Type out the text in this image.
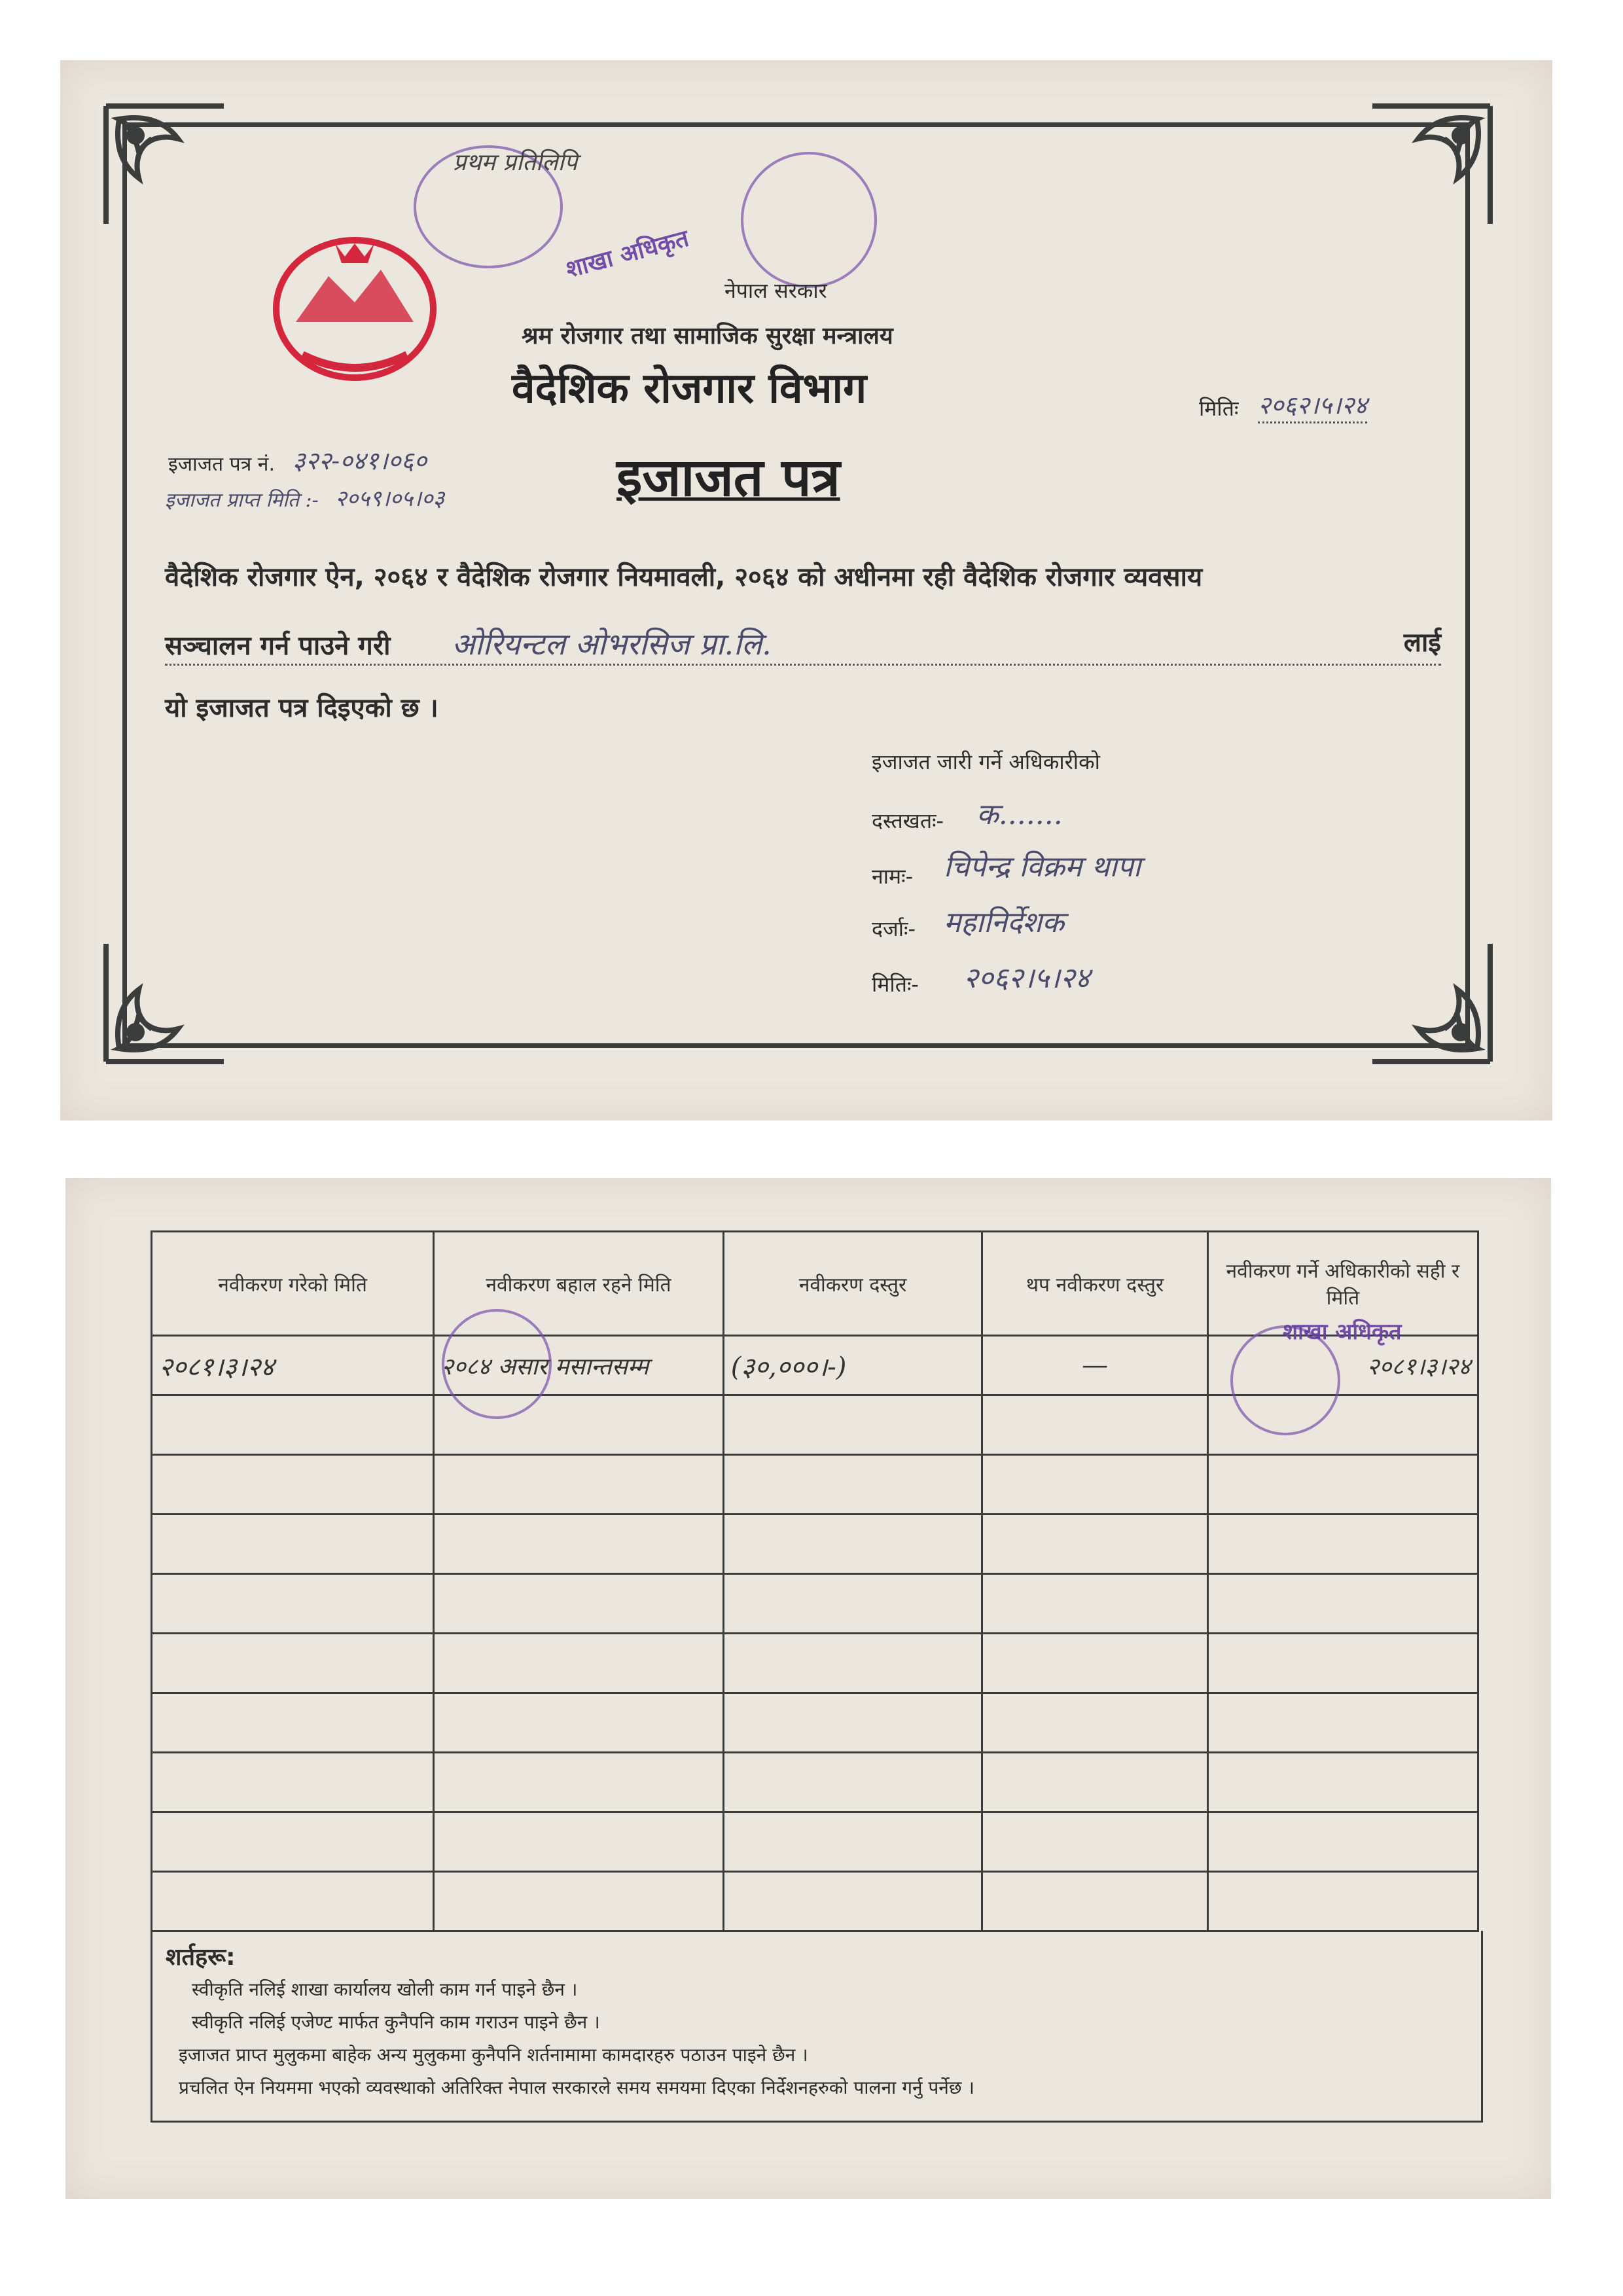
प्रथम प्रतिलिपि
शाखा अधिकृत
नेपाल सरकार
श्रम रोजगार तथा सामाजिक सुरक्षा मन्त्रालय
वैदेशिक रोजगार विभाग	मितिः २०६२।५।२४
इजाजत पत्र नं. ३२२-०४१।०६०
इजाजत प्राप्त मिति :- २०५९।०५।०३	इजाजत पत्र
वैदेशिक रोजगार ऐन, २०६४ र वैदेशिक रोजगार नियमावली, २०६४ को अधीनमा रही वैदेशिक रोजगार व्यवसाय
सञ्चालन गर्न पाउने गरी ओरियन्टल ओभरसिज प्रा.लि.	लाई
यो इजाजत पत्र दिइएको छ ।
इजाजत जारी गर्ने अधिकारीको
दस्तखतः- क.......
नामः- चिपेन्द्र विक्रम थापा
दर्जाः- महानिर्देशक
मितिः- २०६२।५।२४
नवीकरण गरेको मिति	नवीकरण बहाल रहने मिति	नवीकरण दस्तुर	थप नवीकरण दस्तुर	नवीकरण गर्ने अधिकारीको सही र मिति
२०८१।३।२४	२०८४ असार मसान्तसम्म	(३०,०००।-)	—	२०८१।३।२४

शाखा अधिकृत
शर्तहरू:
स्वीकृति नलिई शाखा कार्यालय खोली काम गर्न पाइने छैन ।
स्वीकृति नलिई एजेण्ट मार्फत कुनैपनि काम गराउन पाइने छैन ।
इजाजत प्राप्त मुलुकमा बाहेक अन्य मुलुकमा कुनैपनि शर्तनामामा कामदारहरु पठाउन पाइने छैन ।
प्रचलित ऐन नियममा भएको व्यवस्थाको अतिरिक्त नेपाल सरकारले समय समयमा दिएका निर्देशनहरुको पालना गर्नु पर्नेछ ।
